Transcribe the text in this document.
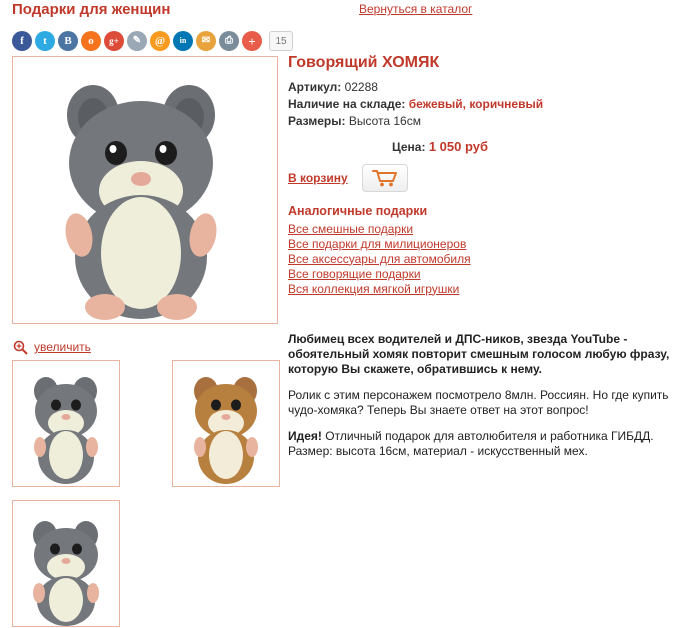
Подарки для женщин	Вернуться в каталог
f	t	B	o	g+	✎	@	in	✉	⎙	+	15
увеличить
Говорящий ХОМЯК
Артикул: 02288
Наличие на складе: бежевый, коричневый
Размеры: Высота 16см
Цена: 1 050 руб
В корзину
Аналогичные подарки
Все смешные подарки
Все подарки для милиционеров
Все аксессуары для автомобиля
Все говорящие подарки
Вся коллекция мягкой игрушки

Любимец всех водителей и ДПС-ников, звезда YouTube - обоятельный хомяк повторит смешным голосом любую фразу, которую Вы скажете, обратившись к нему.

Ролик с этим персонажем посмотрело 8млн. Россиян. Но где купить чудо-хомяка? Теперь Вы знаете ответ на этот вопрос!

Идея! Отличный подарок для автолюбителя и работника ГИБДД.
Размер: высота 16см, материал - искусственный мех.
